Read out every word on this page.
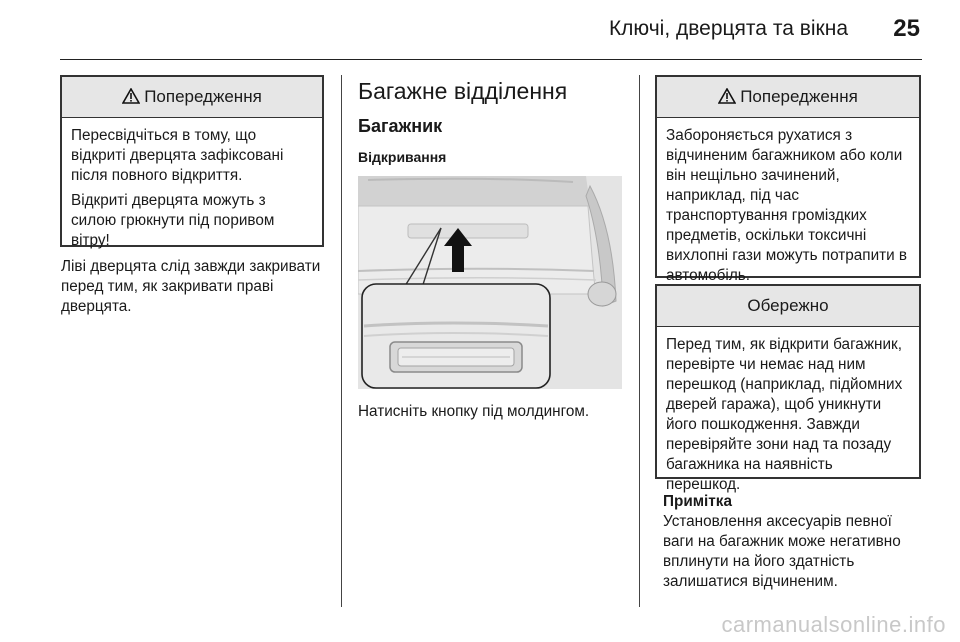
Ключі, дверцята та вікна 25
Попередження

Пересвідчіться в тому, що відкриті дверцята зафіксовані після повного відкриття.

Відкриті дверцята можуть з силою грюкнути під поривом вітру!

Ліві дверцята слід завжди закривати перед тим, як закривати праві дверцята.
Багажне відділення
Багажник
Відкривання
Натисніть кнопку під молдингом.
Попередження

Забороняється рухатися з відчиненим багажником або коли він нещільно зачинений, наприклад, під час транспортування громіздких предметів, оскільки токсичні вихлопні гази можуть потрапити в автомобіль.

Обережно

Перед тим, як відкрити багажник, перевірте чи немає над ним перешкод (наприклад, підйомних дверей гаража), щоб уникнути його пошкодження. Завжди перевіряйте зони над та позаду багажника на наявність перешкод.

Примітка
Установлення аксесуарів певної ваги на багажник може негативно вплинути на його здатність залишатися відчиненим.
carmanualsonline.info
